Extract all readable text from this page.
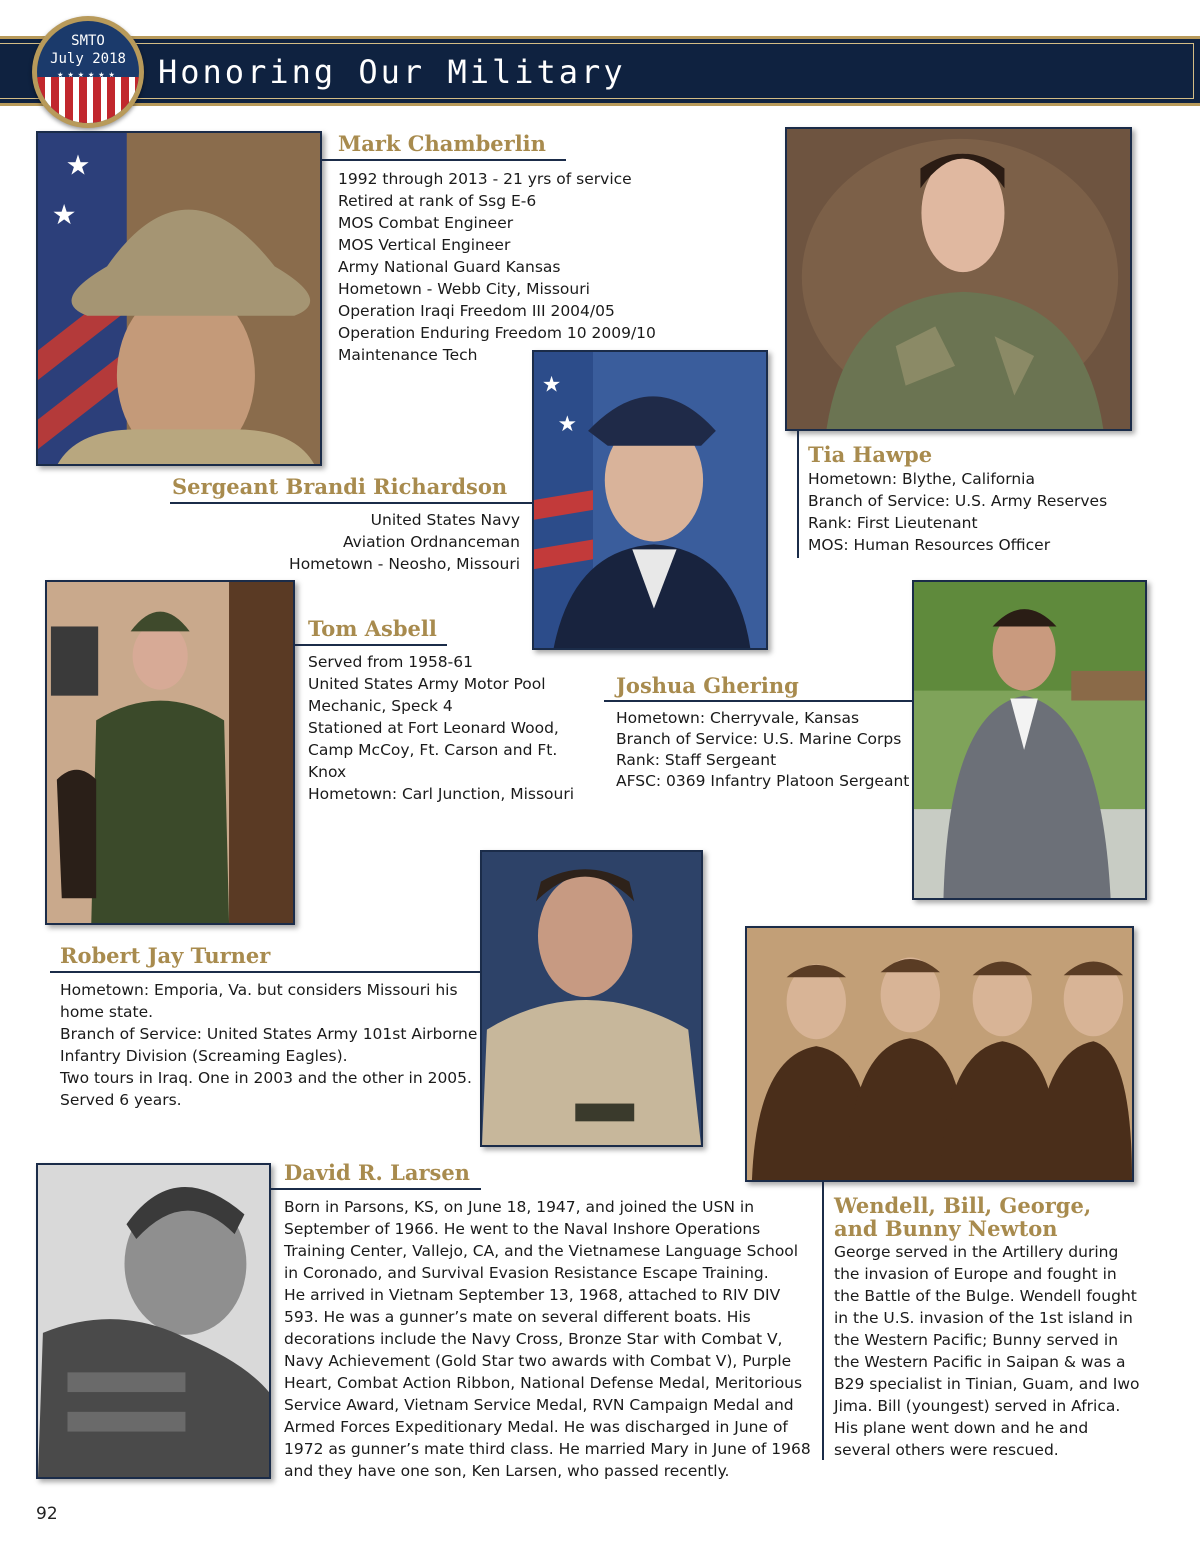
Honoring Our Military
★★★★★★
SMTO
July 2018
★
★
Mark Chamberlin
1992 through 2013 - 21 yrs of service
Retired at rank of Ssg E-6
MOS Combat Engineer
MOS Vertical Engineer
Army National Guard Kansas
Hometown - Webb City, Missouri
Operation Iraqi Freedom III 2004/05
Operation Enduring Freedom 10 2009/10
Maintenance Tech
Tia Hawpe
Hometown: Blythe, California
Branch of Service: U.S. Army Reserves
Rank: First Lieutenant
MOS: Human Resources Officer
★
★
Sergeant Brandi Richardson
United States Navy
Aviation Ordnanceman
Hometown - Neosho, Missouri
Tom Asbell
Served from 1958-61
United States Army Motor Pool
Mechanic, Speck 4
Stationed at Fort Leonard Wood,
Camp McCoy, Ft. Carson and Ft.
Knox
Hometown: Carl Junction, Missouri
Joshua Ghering
Hometown: Cherryvale, Kansas
Branch of Service: U.S. Marine Corps
Rank: Staff Sergeant
AFSC: 0369 Infantry Platoon Sergeant
Robert Jay Turner
Hometown: Emporia, Va. but considers Missouri his
home state.
Branch of Service: United States Army 101st Airborne
Infantry Division (Screaming Eagles).
Two tours in Iraq. One in 2003 and the other in 2005.
Served 6 years.
Wendell, Bill, George,
and Bunny Newton
George served in the Artillery during
the invasion of Europe and fought in
the Battle of the Bulge. Wendell fought
in the U.S. invasion of the 1st island in
the Western Pacific; Bunny served in
the Western Pacific in Saipan & was a
B29 specialist in Tinian, Guam, and Iwo
Jima. Bill (youngest) served in Africa.
His plane went down and he and
several others were rescued.
David R. Larsen
Born in Parsons, KS, on June 18, 1947, and joined the USN in
September of 1966. He went to the Naval Inshore Operations
Training Center, Vallejo, CA, and the Vietnamese Language School
in Coronado, and Survival Evasion Resistance Escape Training.
He arrived in Vietnam September 13, 1968, attached to RIV DIV
593. He was a gunner’s mate on several different boats. His
decorations include the Navy Cross, Bronze Star with Combat V,
Navy Achievement (Gold Star two awards with Combat V), Purple
Heart, Combat Action Ribbon, National Defense Medal, Meritorious
Service Award, Vietnam Service Medal, RVN Campaign Medal and
Armed Forces Expeditionary Medal. He was discharged in June of
1972 as gunner’s mate third class. He married Mary in June of 1968
and they have one son, Ken Larsen, who passed recently.
92
